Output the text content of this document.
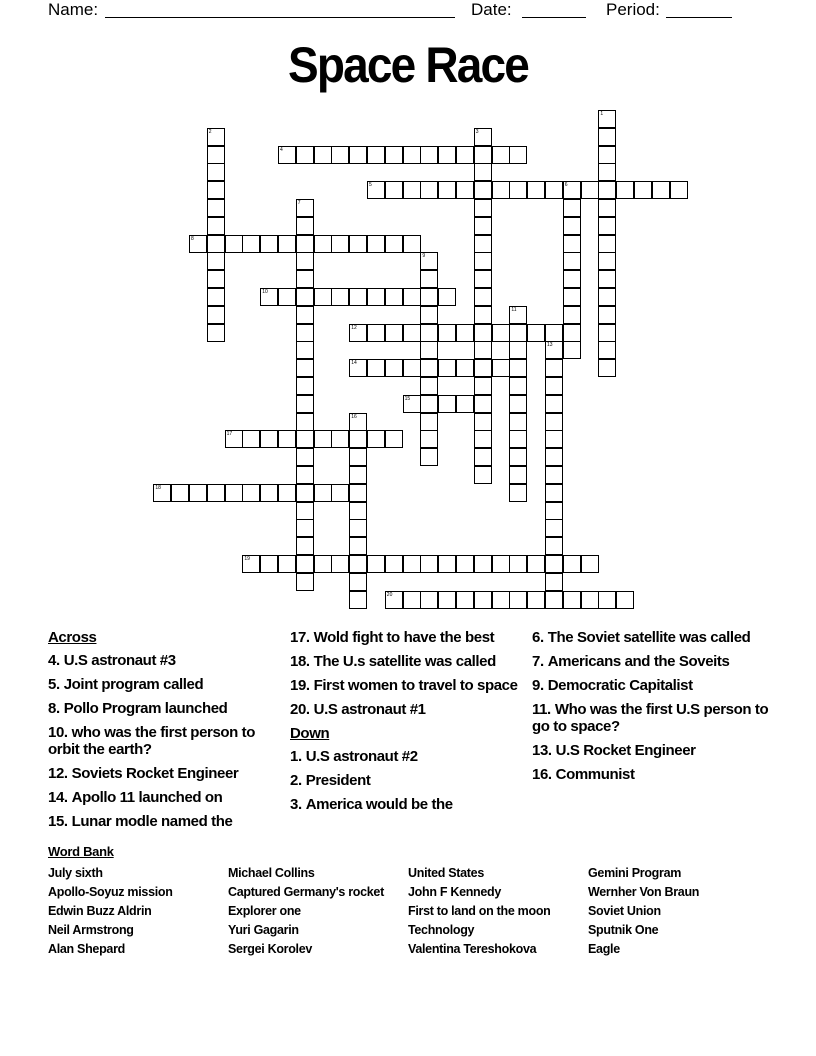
Name:	Date:	Period:
Space Race
1
2	3
4
5	6
7
8
9
10
11
12
13
14
15
16
17
18
19
20
Across
4. U.S astronaut #3
5. Joint program called
8. Pollo Program launched
10. who was the first person to orbit the earth?
12. Soviets Rocket Engineer
14. Apollo 11 launched on
15. Lunar modle named the
17. Wold fight to have the best
18. The U.s satellite was called
19. First women to travel to space
20. U.S astronaut #1
Down
1. U.S astronaut #2
2. President
3. America would be the
6. The Soviet satellite was called
7. Americans and the Soveits
9. Democratic Capitalist
11. Who was the first U.S person to go to space?
13. U.S Rocket Engineer
16. Communist
Word Bank
July sixth
Apollo-Soyuz mission
Edwin Buzz Aldrin
Neil Armstrong
Alan Shepard
Michael Collins
Captured Germany's rocket
Explorer one
Yuri Gagarin
Sergei Korolev
United States
John F Kennedy
First to land on the moon
Technology
Valentina Tereshokova
Gemini Program
Wernher Von Braun
Soviet Union
Sputnik One
Eagle
